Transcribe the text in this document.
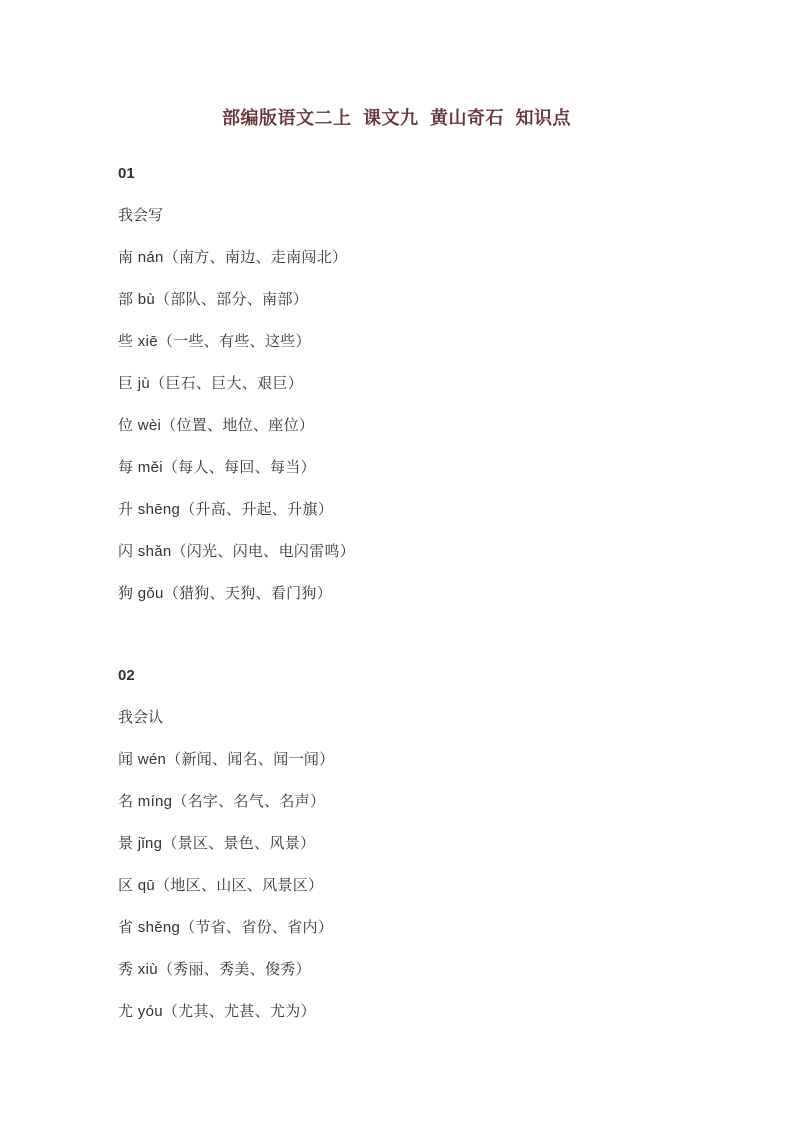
部编版语文二上 课文九 黄山奇石 知识点

01

我会写

南 nán（南方、南边、走南闯北）

部 bù（部队、部分、南部）

些 xiē（一些、有些、这些）

巨 jù（巨石、巨大、艰巨）

位 wèi（位置、地位、座位）

每 měi（每人、每回、每当）

升 shēng（升高、升起、升旗）

闪 shǎn（闪光、闪电、电闪雷鸣）

狗 gǒu（猎狗、天狗、看门狗）

02

我会认

闻 wén（新闻、闻名、闻一闻）

名 míng（名字、名气、名声）

景 jǐng（景区、景色、风景）

区 qū（地区、山区、风景区）

省 shěng（节省、省份、省内）

秀 xiù（秀丽、秀美、俊秀）

尤 yóu（尤其、尤甚、尤为）
